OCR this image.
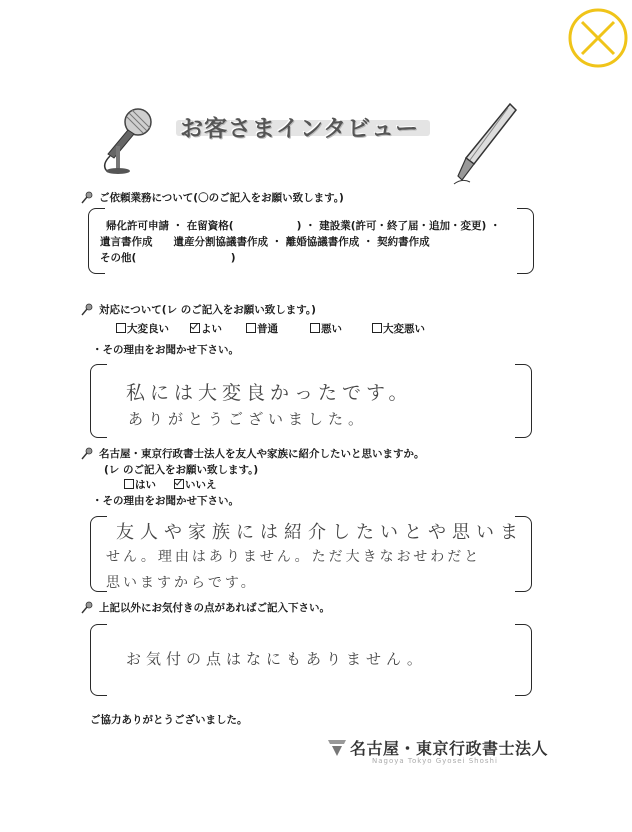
お客さまインタビュー
ご依頼業務について(〇のご記入をお願い致します。)
帰化許可申請 ・ 在留資格(　　　　　　) ・ 建設業(許可・終了届・追加・変更) ・
遺言書作成　　遺産分割協議書作成 ・ 離婚協議書作成 ・ 契約書作成
その他(　　　　　　　　　)
対応について(レ のご記入をお願い致します。)
大変良い	よい	普通	悪い	大変悪い
・その理由をお聞かせ下さい。
私には大変良かったです。
ありがとうございました。
名古屋・東京行政書士法人を友人や家族に紹介したいと思いますか。
(レ のご記入をお願い致します。)
はい	いいえ
・その理由をお聞かせ下さい。
友人や家族には紹介したいとや思いま
せん。理由はありません。ただ大きなおせわだと
思いますからです。
上記以外にお気付きの点があればご記入下さい。
お気付の点はなにもありません。
ご協力ありがとうございました。
名古屋・東京行政書士法人
Nagoya Tokyo Gyosei Shoshi
